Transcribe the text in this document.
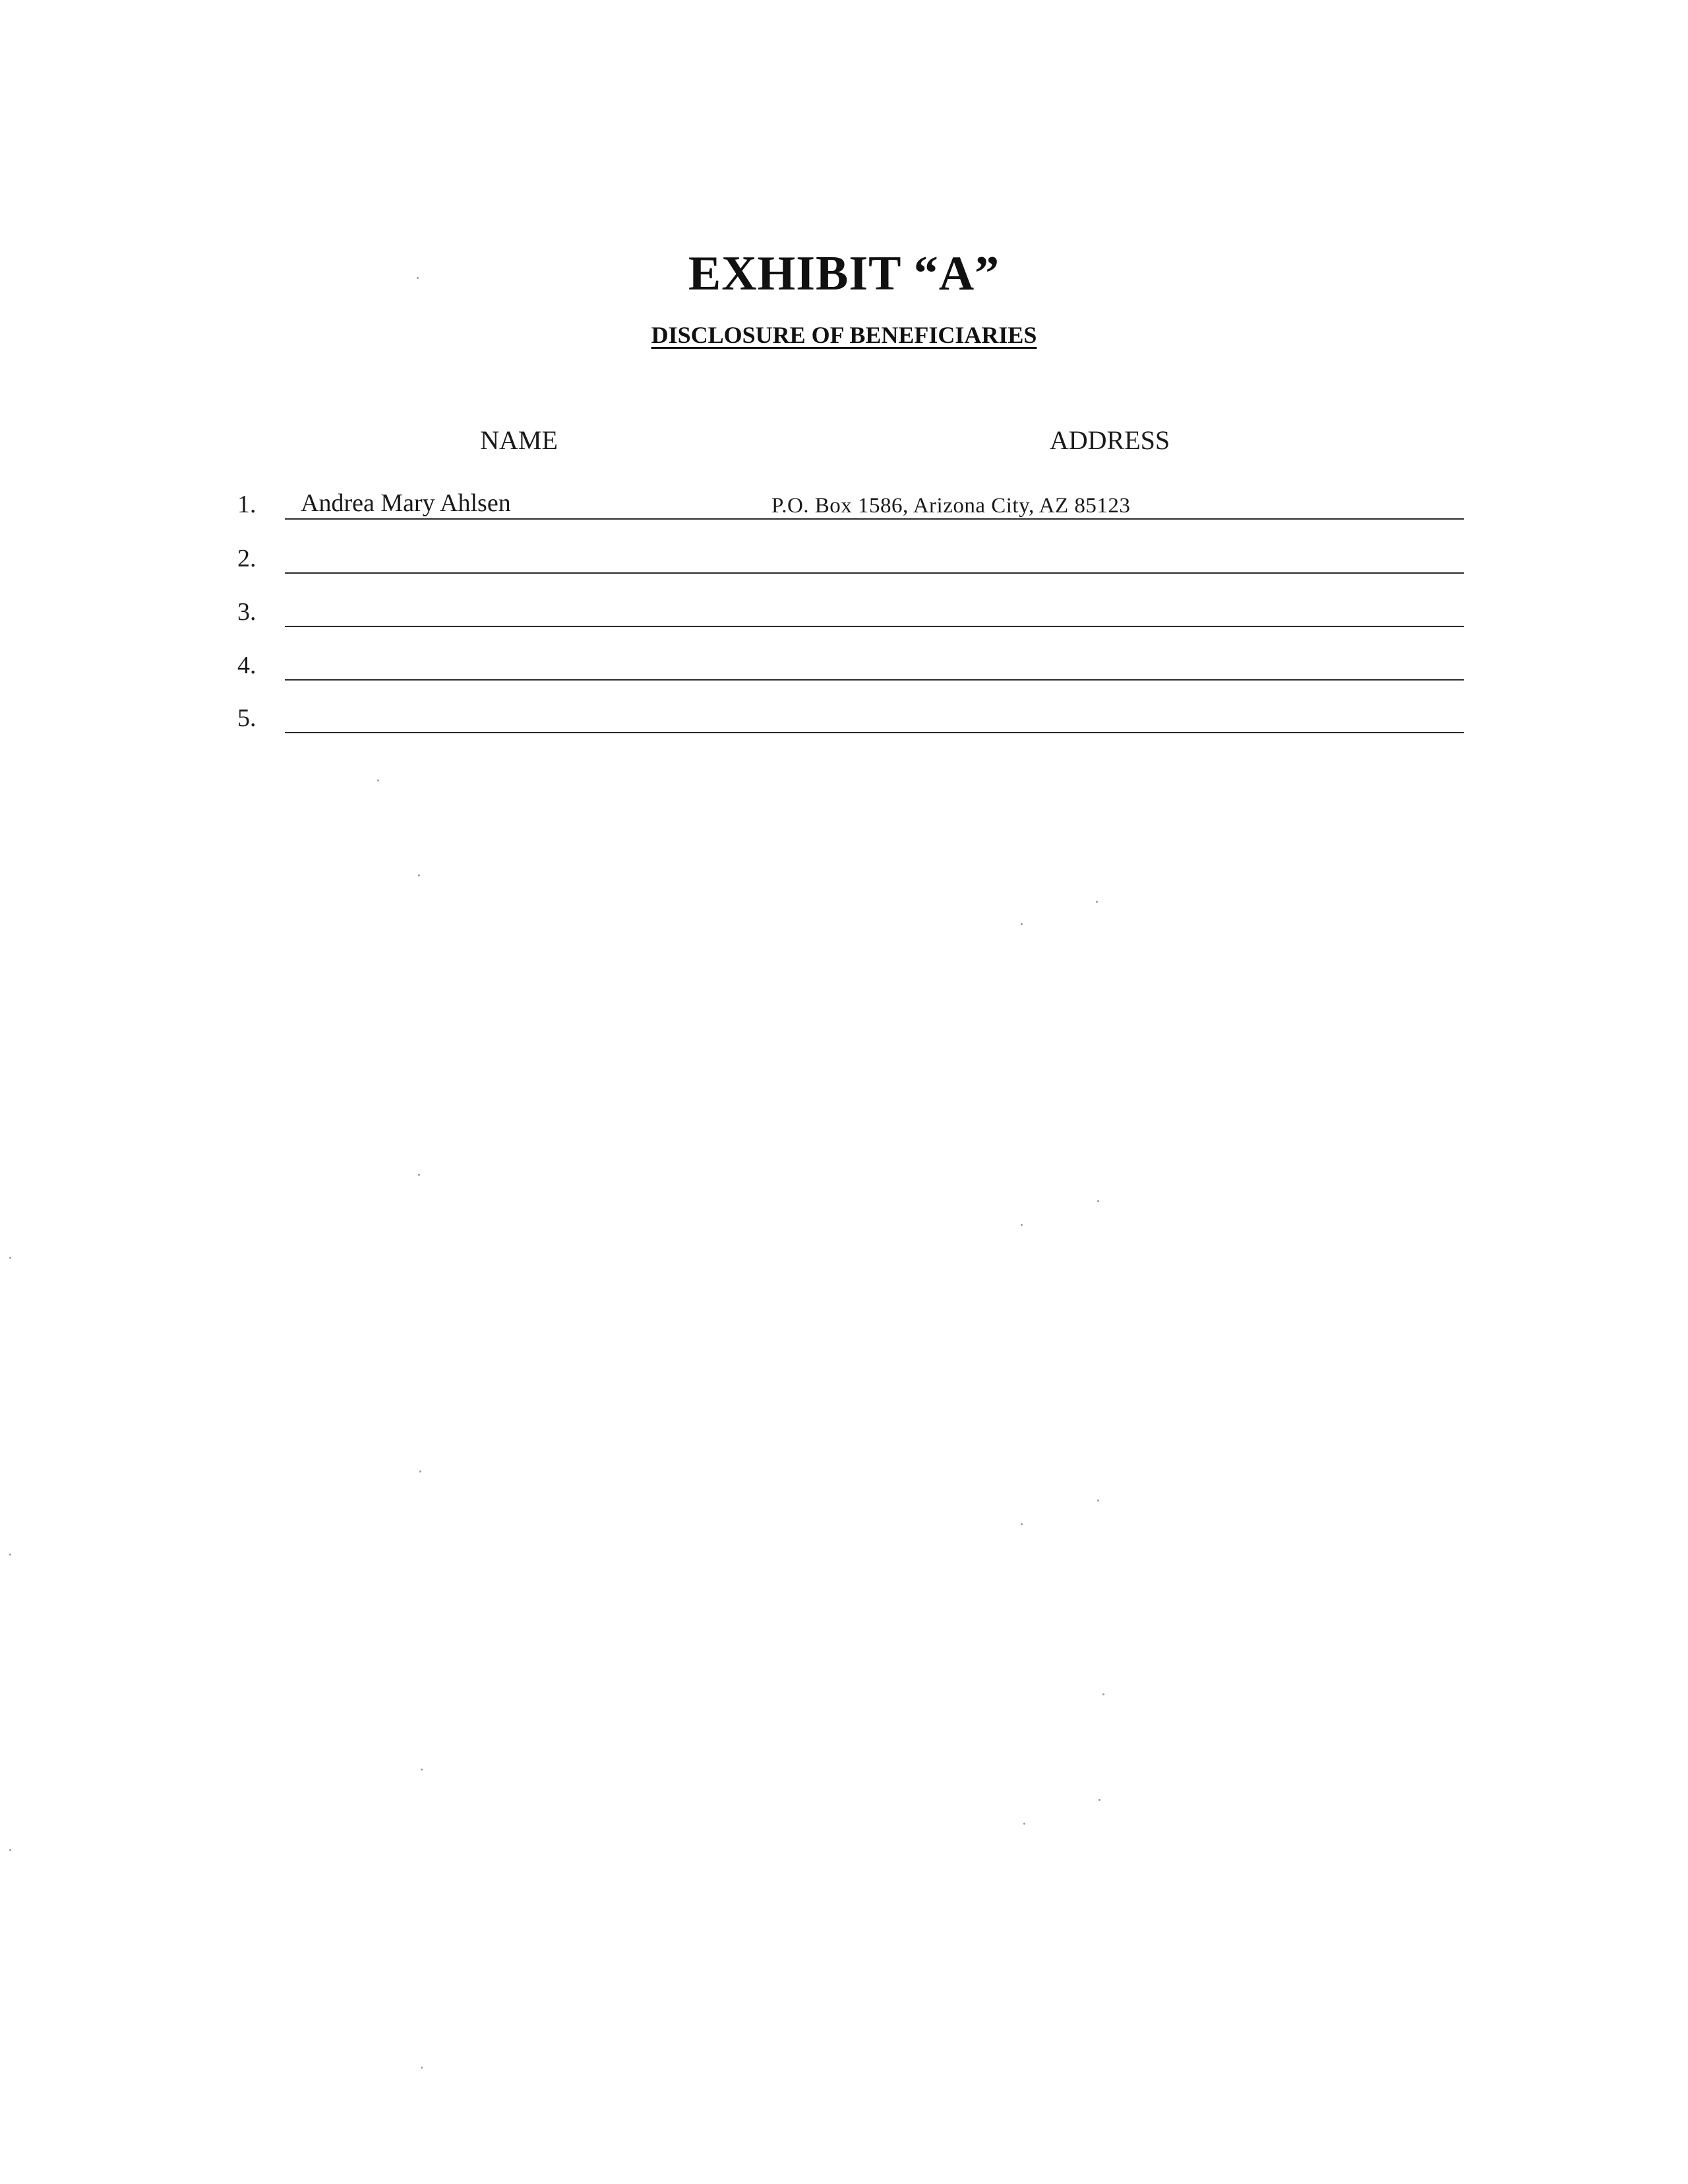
EXHIBIT “A”
DISCLOSURE OF BENEFICIARIES
NAME	ADDRESS
1. Andrea Mary Ahlsen	P.O. Box 1586, Arizona City, AZ 85123
2.
3.
4.
5.
